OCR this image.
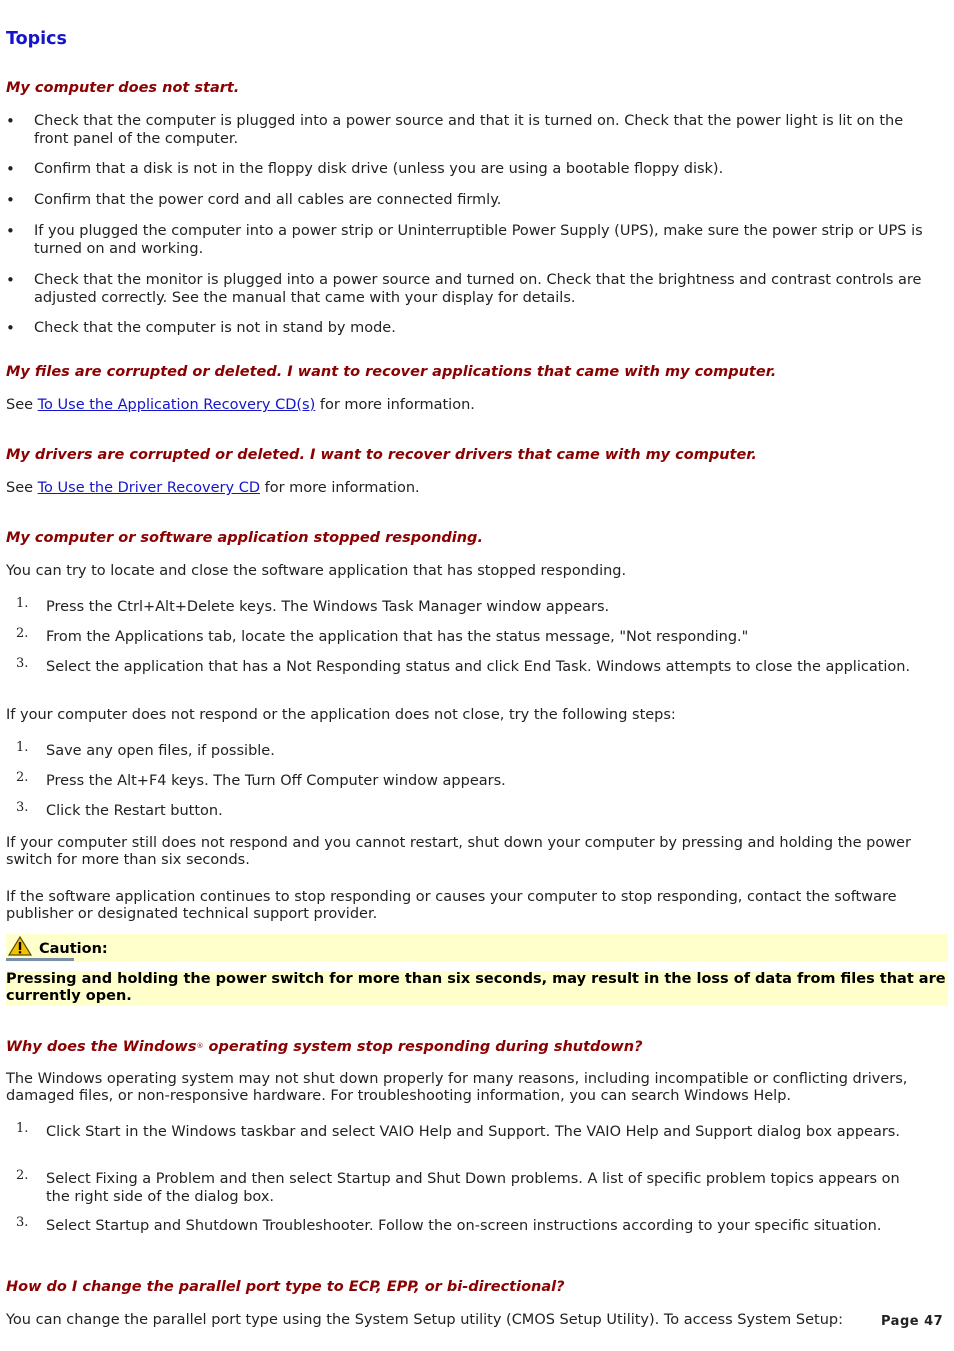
Topics
My computer does not start.
• Check that the computer is plugged into a power source and that it is turned on. Check that the power light is lit on the front panel of the computer.
• Confirm that a disk is not in the floppy disk drive (unless you are using a bootable floppy disk).
• Confirm that the power cord and all cables are connected firmly.
• If you plugged the computer into a power strip or Uninterruptible Power Supply (UPS), make sure the power strip or UPS is turned on and working.
• Check that the monitor is plugged into a power source and turned on. Check that the brightness and contrast controls are adjusted correctly. See the manual that came with your display for details.
• Check that the computer is not in stand by mode.
My files are corrupted or deleted. I want to recover applications that came with my computer.

See To Use the Application Recovery CD(s) for more information.

My drivers are corrupted or deleted. I want to recover drivers that came with my computer.

See To Use the Driver Recovery CD for more information.

My computer or software application stopped responding.

You can try to locate and close the software application that has stopped responding.

1. Press the Ctrl+Alt+Delete keys. The Windows Task Manager window appears.
2. From the Applications tab, locate the application that has the status message, "Not responding."
3. Select the application that has a Not Responding status and click End Task. Windows attempts to close the application.

If your computer does not respond or the application does not close, try the following steps:

1. Save any open files, if possible.
2. Press the Alt+F4 keys. The Turn Off Computer window appears.
3. Click the Restart button.

If your computer still does not respond and you cannot restart, shut down your computer by pressing and holding the power switch for more than six seconds.

If the software application continues to stop responding or causes your computer to stop responding, contact the software publisher or designated technical support provider.

Caution:
Pressing and holding the power switch for more than six seconds, may result in the loss of data from files that are currently open.
Why does the Windows® operating system stop responding during shutdown?

The Windows operating system may not shut down properly for many reasons, including incompatible or conflicting drivers, damaged files, or non-responsive hardware. For troubleshooting information, you can search Windows Help.

1. Click Start in the Windows taskbar and select VAIO Help and Support. The VAIO Help and Support dialog box appears.
2. Select Fixing a Problem and then select Startup and Shut Down problems. A list of specific problem topics appears on the right side of the dialog box.
3. Select Startup and Shutdown Troubleshooter. Follow the on-screen instructions according to your specific situation.
How do I change the parallel port type to ECP, EPP, or bi-directional?

You can change the parallel port type using the System Setup utility (CMOS Setup Utility). To access System Setup:	Page 47
